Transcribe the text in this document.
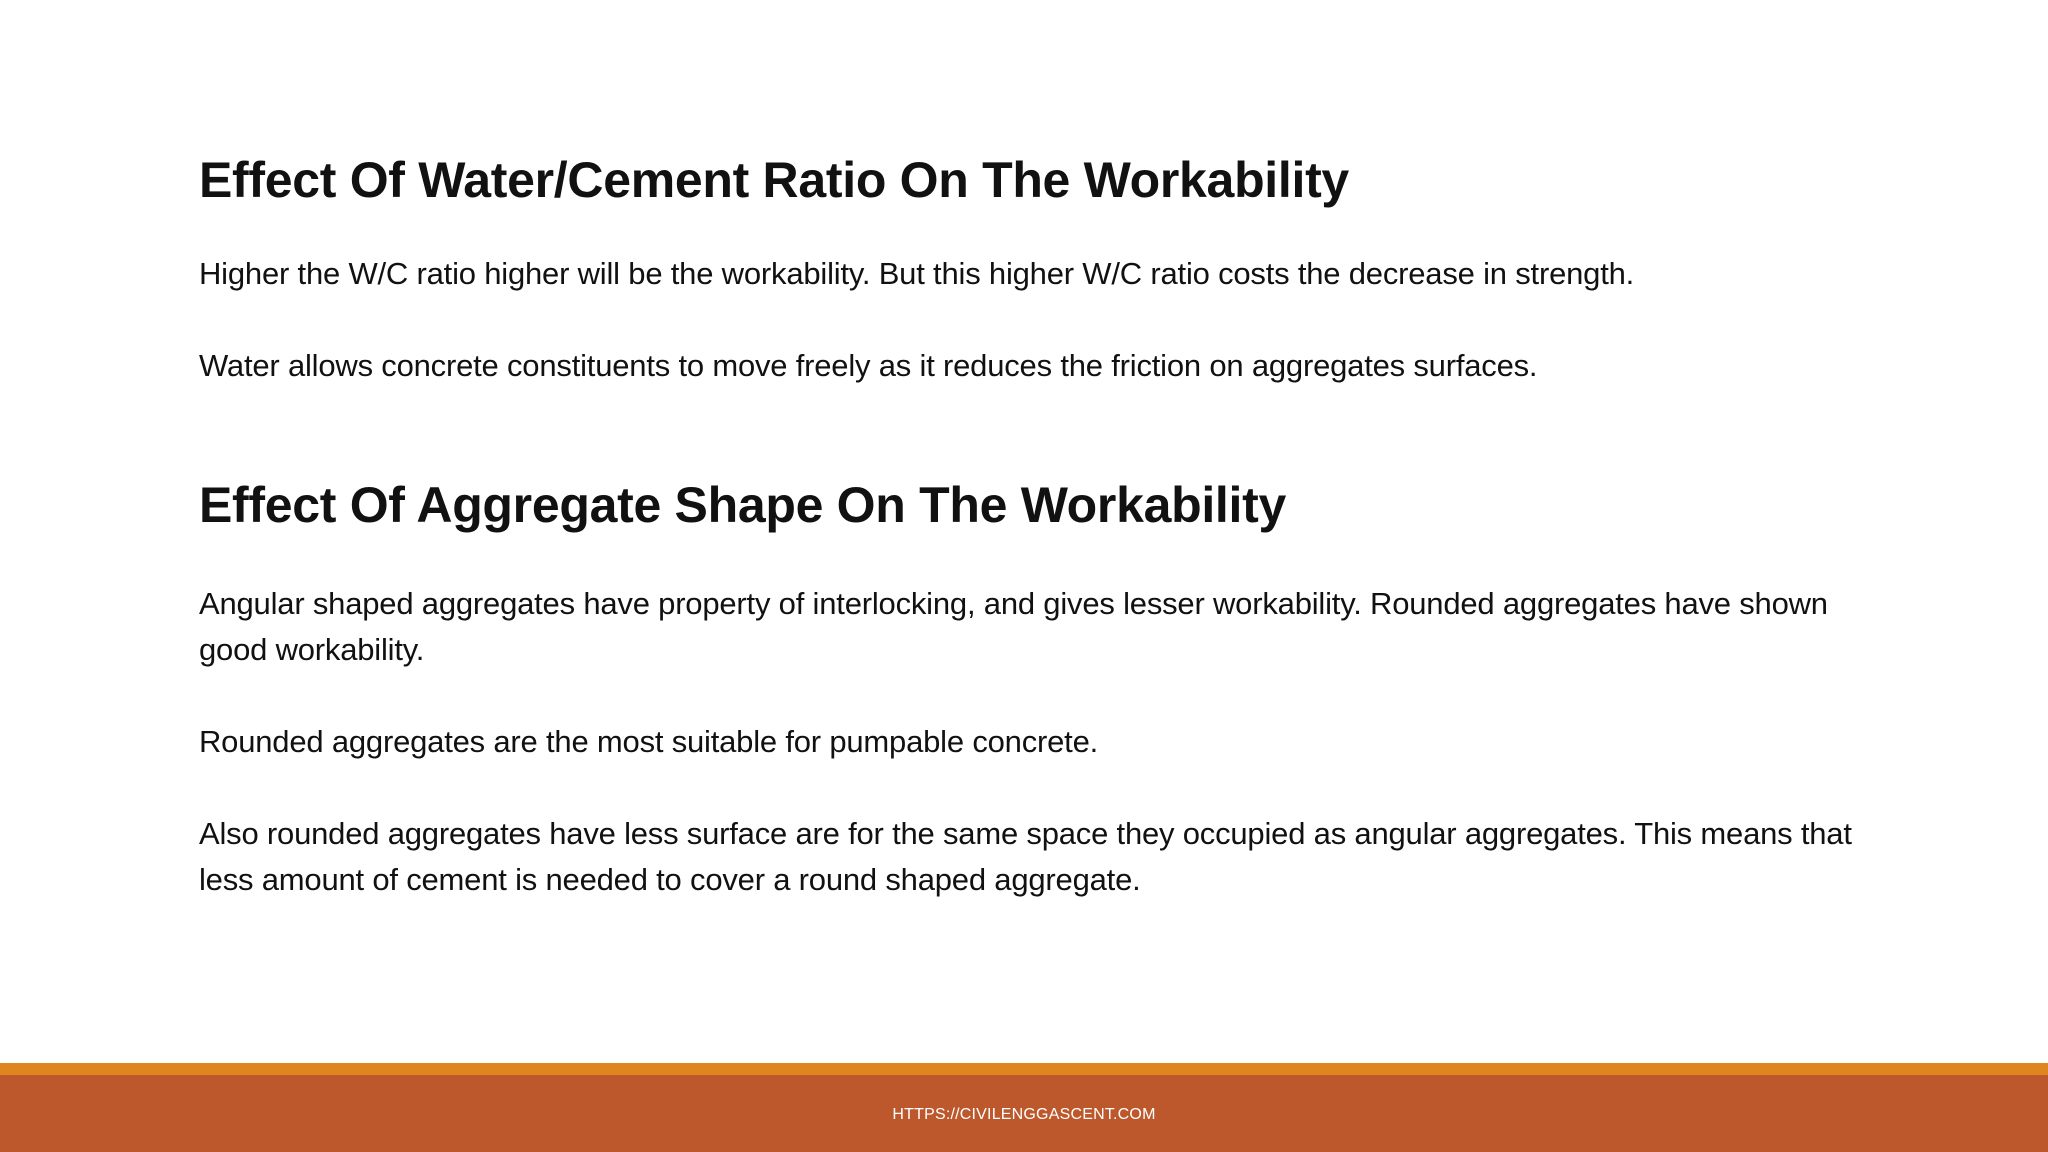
Effect Of Water/Cement Ratio On The Workability

Higher the W/C ratio higher will be the workability. But this higher W/C ratio costs the decrease in strength.

Water allows concrete constituents to move freely as it reduces the friction on aggregates surfaces.

Effect Of Aggregate Shape On The Workability

Angular shaped aggregates have property of interlocking, and gives lesser workability. Rounded aggregates have shown good workability.

Rounded aggregates are the most suitable for pumpable concrete.

Also rounded aggregates have less surface are for the same space they occupied as angular aggregates. This means that less amount of cement is needed to cover a round shaped aggregate.

HTTPS://CIVILENGGASCENT.COM
